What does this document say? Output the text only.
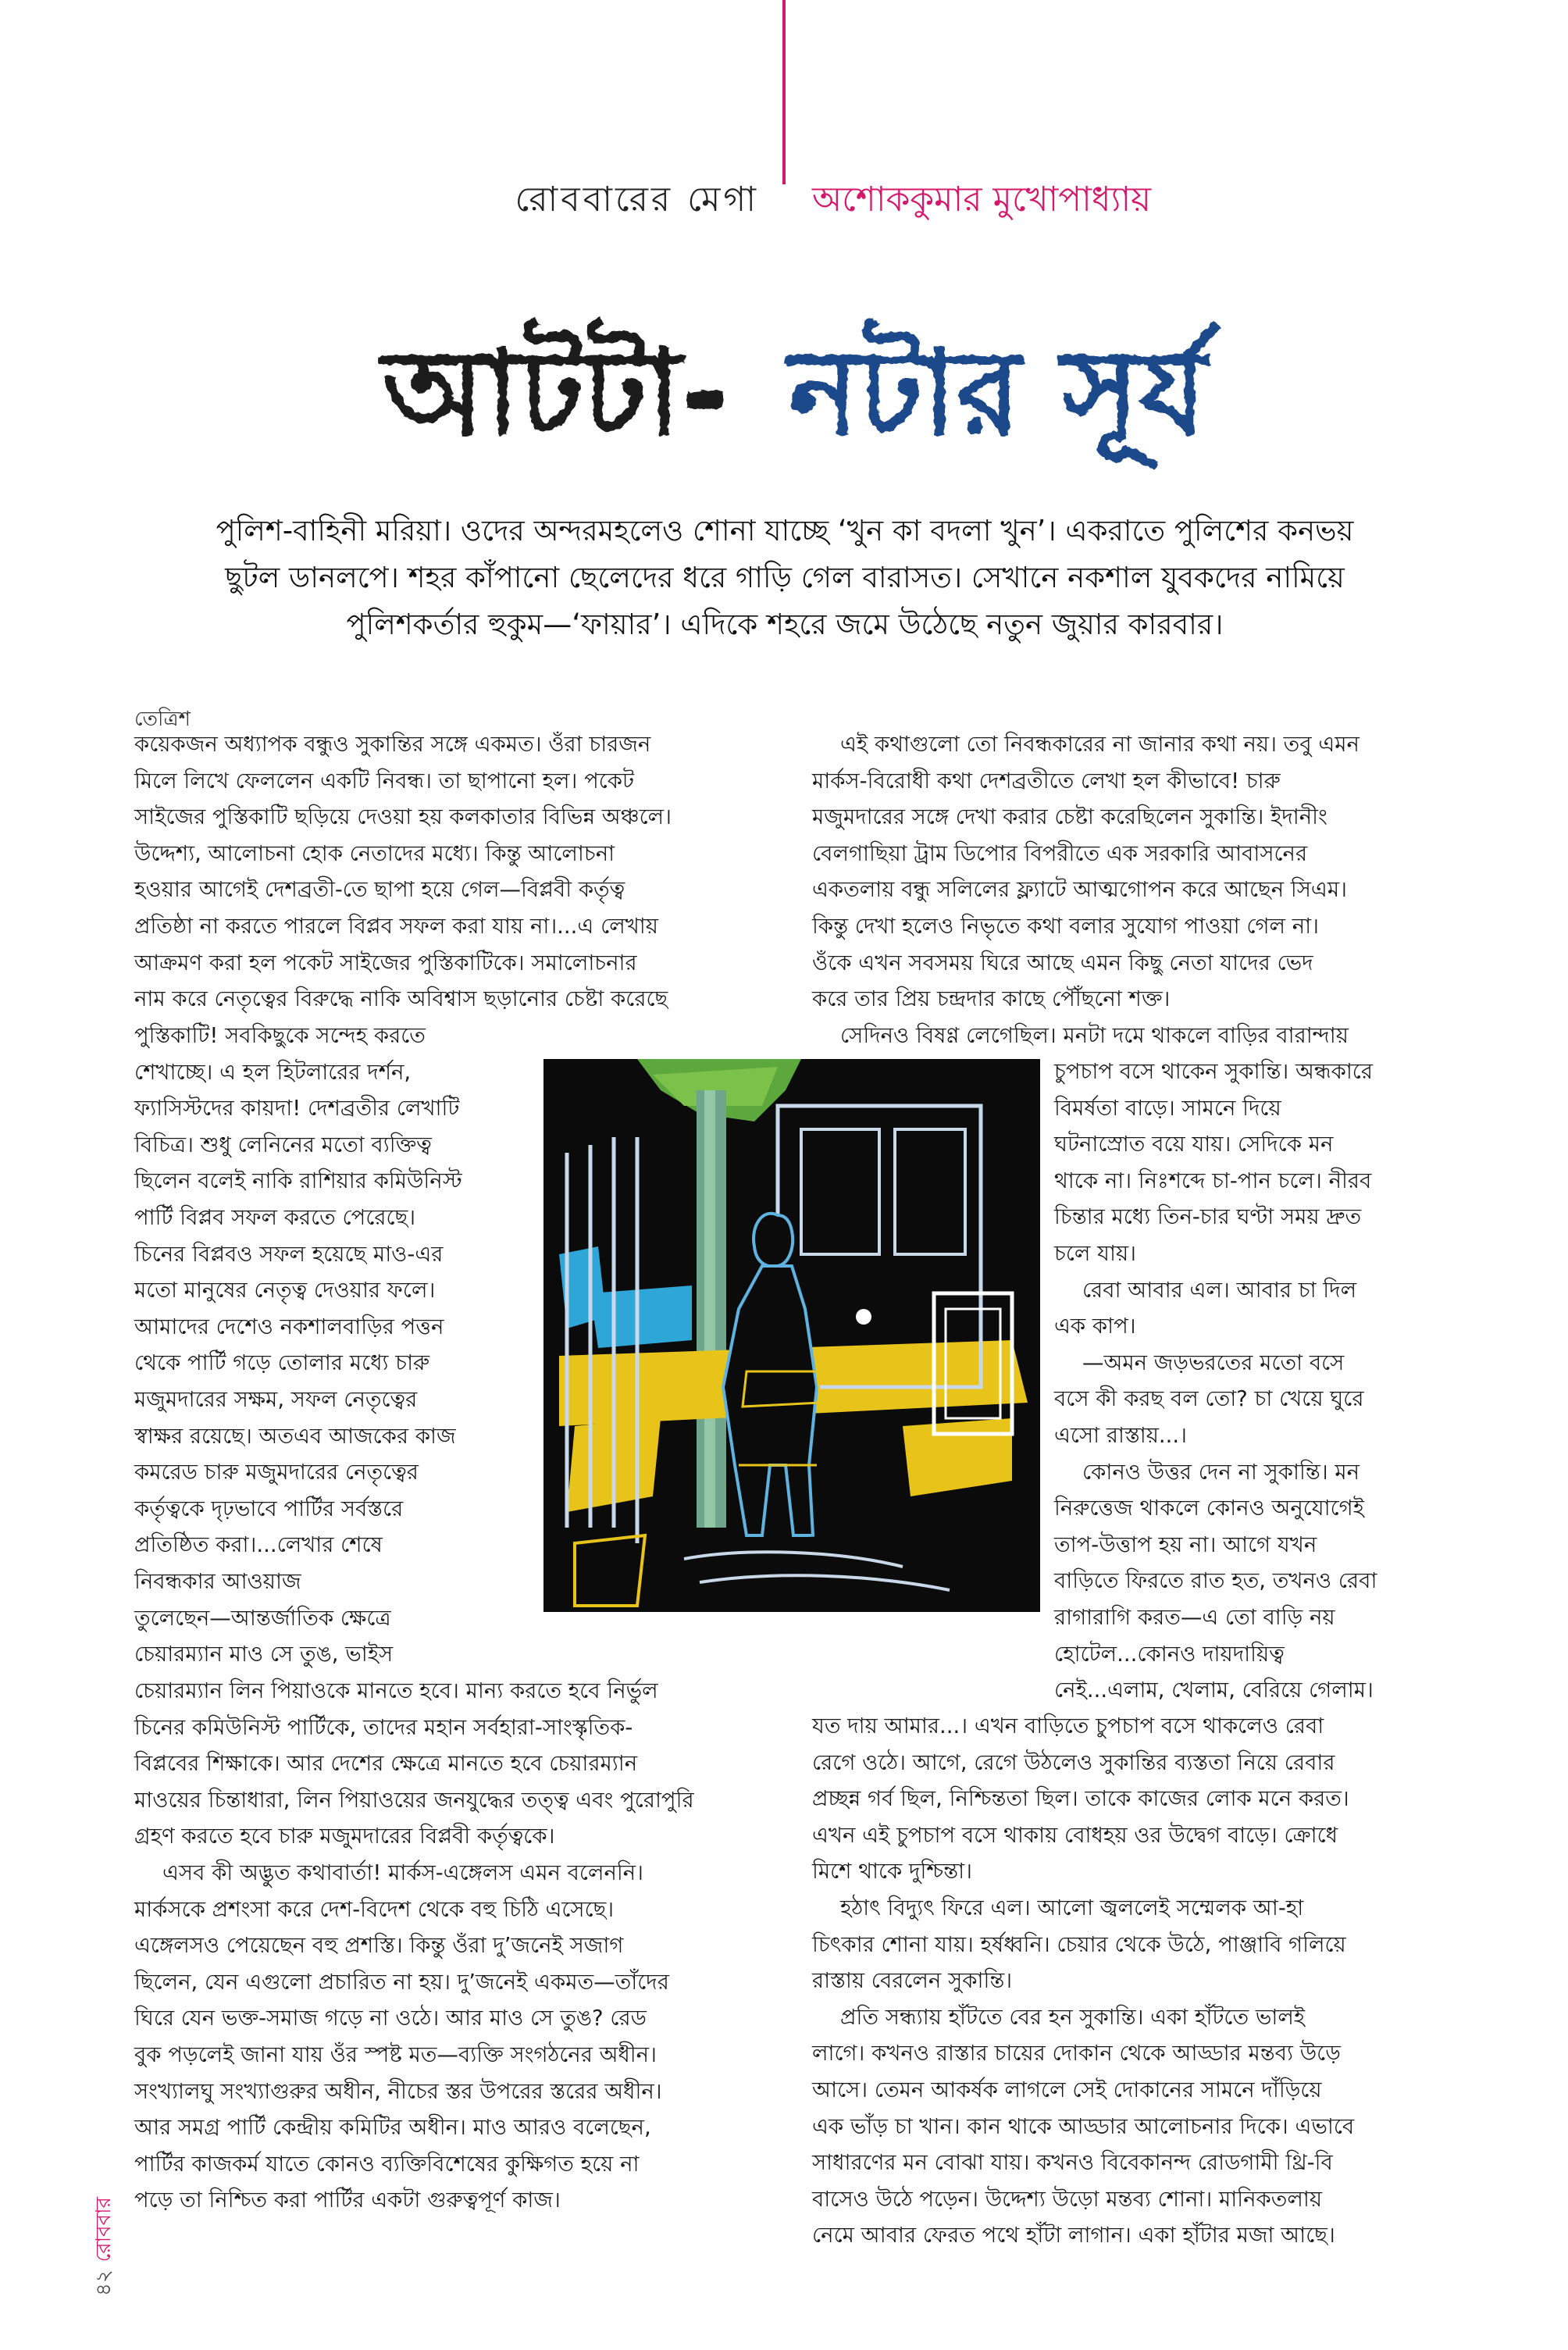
রোববারের মেগা অশোককুমার মুখোপাধ্যায়
আটটা- নটার সূর্য
পুলিশ-বাহিনী মরিয়া। ওদের অন্দরমহলেও শোনা যাচ্ছে ‘খুন কা বদলা খুন’। একরাতে পুলিশের কনভয়
ছুটল ডানলপে। শহর কাঁপানো ছেলেদের ধরে গাড়ি গেল বারাসত। সেখানে নকশাল যুবকদের নামিয়ে
পুলিশকর্তার হুকুম—‘ফায়ার’। এদিকে শহরে জমে উঠেছে নতুন জুয়ার কারবার।
তেত্রিশ

কয়েকজন অধ্যাপক বন্ধুও সুকান্তির সঙ্গে একমত। ওঁরা চারজন

মিলে লিখে ফেললেন একটি নিবন্ধ। তা ছাপানো হল। পকেট

সাইজের পুস্তিকাটি ছড়িয়ে দেওয়া হয় কলকাতার বিভিন্ন অঞ্চলে।

উদ্দেশ্য, আলোচনা হোক নেতাদের মধ্যে। কিন্তু আলোচনা

হওয়ার আগেই দেশব্রতী-তে ছাপা হয়ে গেল—বিপ্লবী কর্তৃত্ব

প্রতিষ্ঠা না করতে পারলে বিপ্লব সফল করা যায় না।...এ লেখায়

আক্রমণ করা হল পকেট সাইজের পুস্তিকাটিকে। সমালোচনার

নাম করে নেতৃত্বের বিরুদ্ধে নাকি অবিশ্বাস ছড়ানোর চেষ্টা করেছে

পুস্তিকাটি! সবকিছুকে সন্দেহ করতে

শেখাচ্ছে। এ হল হিটলারের দর্শন,

ফ্যাসিস্টদের কায়দা! দেশব্রতীর লেখাটি

বিচিত্র। শুধু লেনিনের মতো ব্যক্তিত্ব

ছিলেন বলেই নাকি রাশিয়ার কমিউনিস্ট

পার্টি বিপ্লব সফল করতে পেরেছে।

চিনের বিপ্লবও সফল হয়েছে মাও-এর

মতো মানুষের নেতৃত্ব দেওয়ার ফলে।

আমাদের দেশেও নকশালবাড়ির পত্তন

থেকে পার্টি গড়ে তোলার মধ্যে চারু

মজুমদারের সক্ষম, সফল নেতৃত্বের

স্বাক্ষর রয়েছে। অতএব আজকের কাজ

কমরেড চারু মজুমদারের নেতৃত্বের

কর্তৃত্বকে দৃঢ়ভাবে পার্টির সর্বস্তরে

প্রতিষ্ঠিত করা।...লেখার শেষে

নিবন্ধকার আওয়াজ

তুলেছেন—আন্তর্জাতিক ক্ষেত্রে

চেয়ারম্যান মাও সে তুঙ, ভাইস

চেয়ারম্যান লিন পিয়াওকে মানতে হবে। মান্য করতে হবে নির্ভুল

চিনের কমিউনিস্ট পার্টিকে, তাদের মহান সর্বহারা-সাংস্কৃতিক-

বিপ্লবের শিক্ষাকে। আর দেশের ক্ষেত্রে মানতে হবে চেয়ারম্যান

মাওয়ের চিন্তাধারা, লিন পিয়াওয়ের জনযুদ্ধের তত্ত্ব এবং পুরোপুরি

গ্রহণ করতে হবে চারু মজুমদারের বিপ্লবী কর্তৃত্বকে।

এসব কী অদ্ভুত কথাবার্তা! মার্কস-এঙ্গেলস এমন বলেননি।

মার্কসকে প্রশংসা করে দেশ-বিদেশ থেকে বহু চিঠি এসেছে।

এঙ্গেলসও পেয়েছেন বহু প্রশস্তি। কিন্তু ওঁরা দু’জনেই সজাগ

ছিলেন, যেন এগুলো প্রচারিত না হয়। দু’জনেই একমত—তাঁদের

ঘিরে যেন ভক্ত-সমাজ গড়ে না ওঠে। আর মাও সে তুঙ? রেড

বুক পড়লেই জানা যায় ওঁর স্পষ্ট মত—ব্যক্তি সংগঠনের অধীন।

সংখ্যালঘু সংখ্যাগুরুর অধীন, নীচের স্তর উপরের স্তরের অধীন।

আর সমগ্র পার্টি কেন্দ্রীয় কমিটির অধীন। মাও আরও বলেছেন,

পার্টির কাজকর্ম যাতে কোনও ব্যক্তিবিশেষের কুক্ষিগত হয়ে না

পড়ে তা নিশ্চিত করা পার্টির একটা গুরুত্বপূর্ণ কাজ।

এই কথাগুলো তো নিবন্ধকারের না জানার কথা নয়। তবু এমন

মার্কস-বিরোধী কথা দেশব্রতীতে লেখা হল কীভাবে! চারু

মজুমদারের সঙ্গে দেখা করার চেষ্টা করেছিলেন সুকান্তি। ইদানীং

বেলগাছিয়া ট্রাম ডিপোর বিপরীতে এক সরকারি আবাসনের

একতলায় বন্ধু সলিলের ফ্ল্যাটে আত্মগোপন করে আছেন সিএম।

কিন্তু দেখা হলেও নিভৃতে কথা বলার সুযোগ পাওয়া গেল না।

ওঁকে এখন সবসময় ঘিরে আছে এমন কিছু নেতা যাদের ভেদ

করে তার প্রিয় চন্দ্রদার কাছে পৌঁছনো শক্ত।

সেদিনও বিষণ্ণ লেগেছিল। মনটা দমে থাকলে বাড়ির বারান্দায়

চুপচাপ বসে থাকেন সুকান্তি। অন্ধকারে

বিমর্ষতা বাড়ে। সামনে দিয়ে

ঘটনাস্রোত বয়ে যায়। সেদিকে মন

থাকে না। নিঃশব্দে চা-পান চলে। নীরব

চিন্তার মধ্যে তিন-চার ঘণ্টা সময় দ্রুত

চলে যায়।

রেবা আবার এল। আবার চা দিল

এক কাপ।

—অমন জড়ভরতের মতো বসে

বসে কী করছ বল তো? চা খেয়ে ঘুরে

এসো রাস্তায়...।

কোনও উত্তর দেন না সুকান্তি। মন

নিরুত্তেজ থাকলে কোনও অনুযোগেই

তাপ-উত্তাপ হয় না। আগে যখন

বাড়িতে ফিরতে রাত হত, তখনও রেবা

রাগারাগি করত—এ তো বাড়ি নয়

হোটেল...কোনও দায়দায়িত্ব

নেই...এলাম, খেলাম, বেরিয়ে গেলাম।

যত দায় আমার...। এখন বাড়িতে চুপচাপ বসে থাকলেও রেবা

রেগে ওঠে। আগে, রেগে উঠলেও সুকান্তির ব্যস্ততা নিয়ে রেবার

প্রচ্ছন্ন গর্ব ছিল, নিশ্চিন্ততা ছিল। তাকে কাজের লোক মনে করত।

এখন এই চুপচাপ বসে থাকায় বোধহয় ওর উদ্বেগ বাড়ে। ক্রোধে

মিশে থাকে দুশ্চিন্তা।

হঠাৎ বিদ্যুৎ ফিরে এল। আলো জ্বললেই সম্মেলক আ-হা

চিৎকার শোনা যায়। হর্ষধ্বনি। চেয়ার থেকে উঠে, পাঞ্জাবি গলিয়ে

রাস্তায় বেরলেন সুকান্তি।

প্রতি সন্ধ্যায় হাঁটতে বের হন সুকান্তি। একা হাঁটতে ভালই

লাগে। কখনও রাস্তার চায়ের দোকান থেকে আড্ডার মন্তব্য উড়ে

আসে। তেমন আকর্ষক লাগলে সেই দোকানের সামনে দাঁড়িয়ে

এক ভাঁড় চা খান। কান থাকে আড্ডার আলোচনার দিকে। এভাবে

সাধারণের মন বোঝা যায়। কখনও বিবেকানন্দ রোডগামী থ্রি-বি

বাসেও উঠে পড়েন। উদ্দেশ্য উড়ো মন্তব্য শোনা। মানিকতলায়

নেমে আবার ফেরত পথে হাঁটা লাগান। একা হাঁটার মজা আছে।

৪২রোববার
